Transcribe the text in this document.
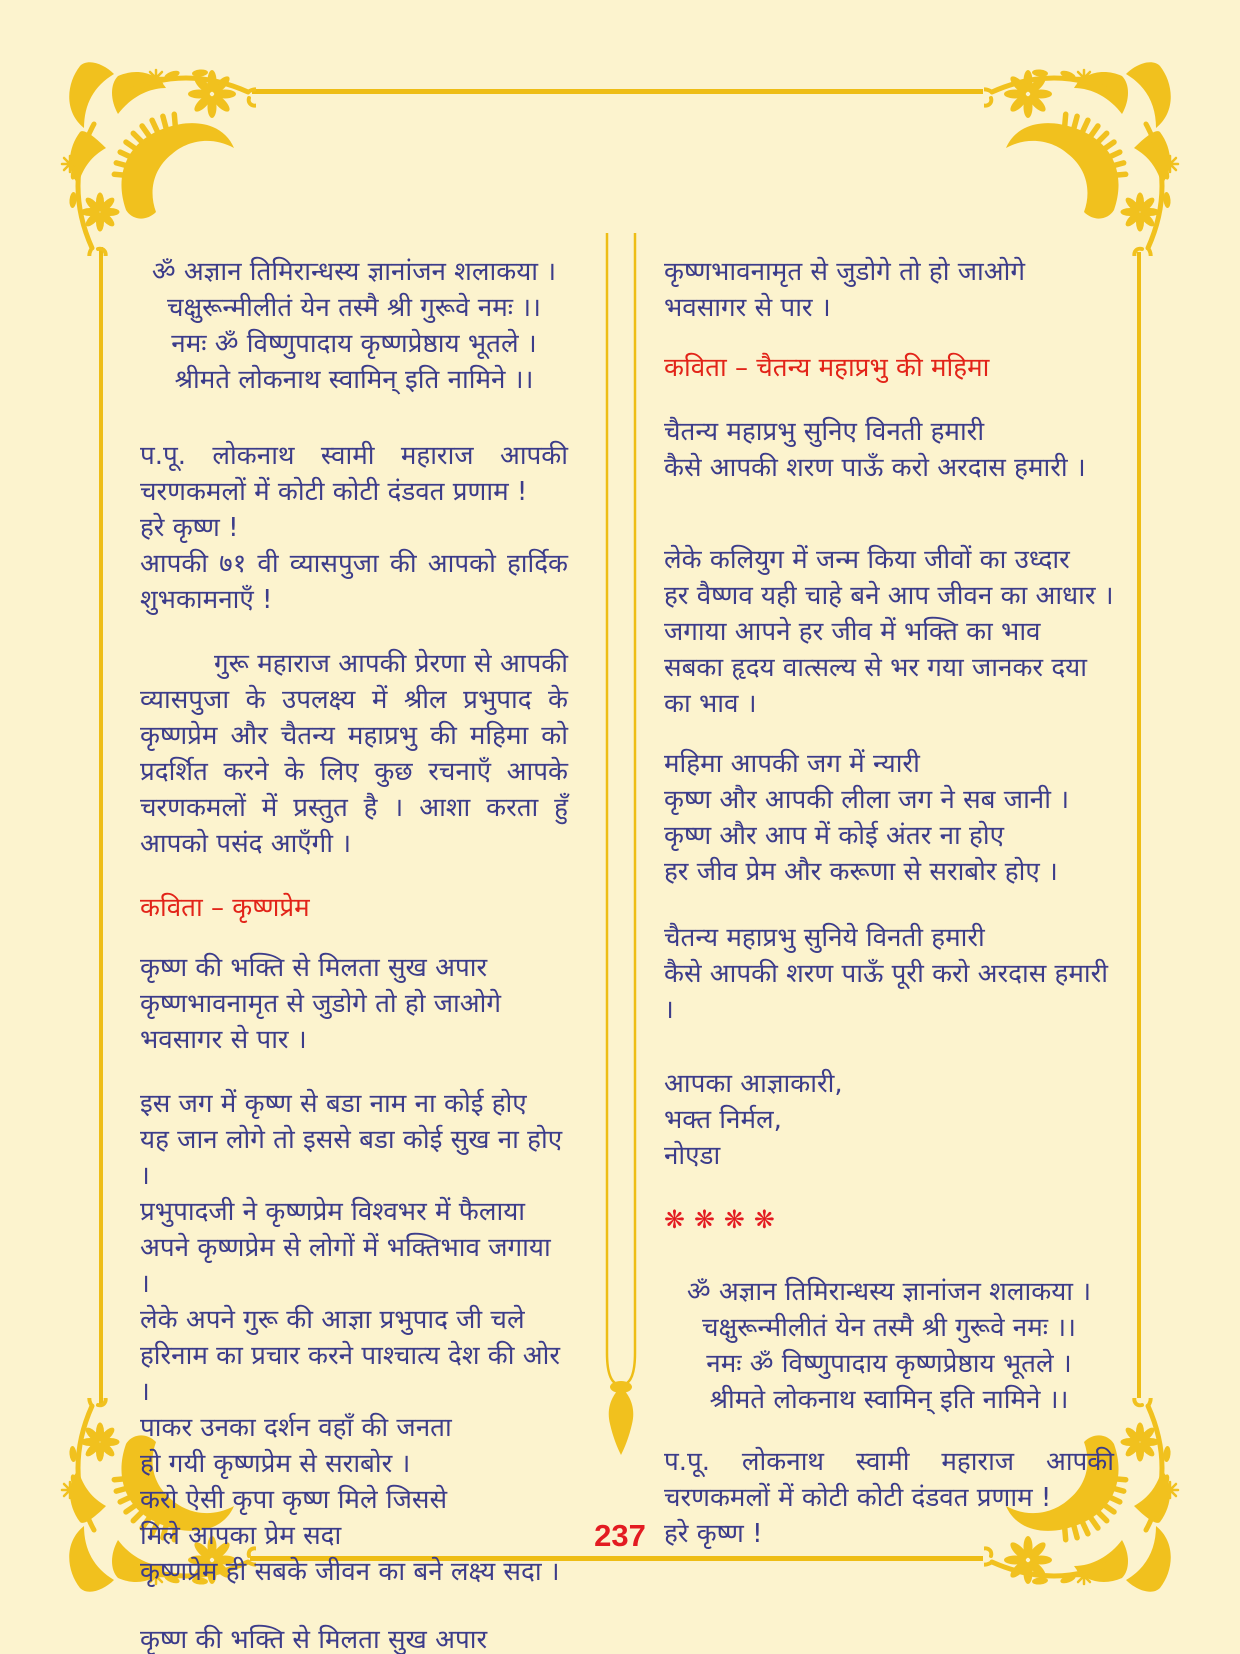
ॐ अज्ञान तिमिरान्धस्य ज्ञानांजन शलाकया ।
चक्षुरून्मीलीतं येन तस्मै श्री गुरूवे नमः ।।
नमः ॐ विष्णुपादाय कृष्णप्रेष्ठाय भूतले ।
श्रीमते लोकनाथ स्वामिन् इति नामिने ।।
प.पू. लोकनाथ स्वामी महाराज आपकी चरणकमलों में कोटी कोटी दंडवत प्रणाम !
हरे कृष्ण !
आपकी ७१ वी व्यासपुजा की आपको हार्दिक शुभकामनाएँ !
गुरू महाराज आपकी प्रेरणा से आपकी व्यासपुजा के उपलक्ष्य में श्रील प्रभुपाद के कृष्णप्रेम और चैतन्य महाप्रभु की महिमा को प्रदर्शित करने के लिए कुछ रचनाएँ आपके चरणकमलों में प्रस्तुत है । आशा करता हुँ आपको पसंद आएँगी ।
कविता – कृष्णप्रेम
कृष्ण की भक्ति से मिलता सुख अपार
कृष्णभावनामृत से जुडोगे तो हो जाओगे
भवसागर से पार ।
इस जग में कृष्ण से बडा नाम ना कोई होए
यह जान लोगे तो इससे बडा कोई सुख ना होए ।
प्रभुपादजी ने कृष्णप्रेम विश्वभर में फैलाया
अपने कृष्णप्रेम से लोगों में भक्तिभाव जगाया ।
लेके अपने गुरू की आज्ञा प्रभुपाद जी चले
हरिनाम का प्रचार करने पाश्चात्य देश की ओर ।
पाकर उनका दर्शन वहाँ की जनता
हो गयी कृष्णप्रेम से सराबोर ।
करो ऐसी कृपा कृष्ण मिले जिससे
मिले आपका प्रेम सदा
कृष्णप्रेम ही सबके जीवन का बने लक्ष्य सदा ।
कृष्ण की भक्ति से मिलता सुख अपार
कृष्णभावनामृत से जुडोगे तो हो जाओगे
भवसागर से पार ।
कविता – चैतन्य महाप्रभु की महिमा
चैतन्य महाप्रभु सुनिए विनती हमारी
कैसे आपकी शरण पाऊँ करो अरदास हमारी ।
लेके कलियुग में जन्म किया जीवों का उध्दार
हर वैष्णव यही चाहे बने आप जीवन का आधार ।
जगाया आपने हर जीव में भक्ति का भाव
सबका हृदय वात्सल्य से भर गया जानकर दया का भाव ।
महिमा आपकी जग में न्यारी
कृष्ण और आपकी लीला जग ने सब जानी ।
कृष्ण और आप में कोई अंतर ना होए
हर जीव प्रेम और करूणा से सराबोर होए ।
चैतन्य महाप्रभु सुनिये विनती हमारी
कैसे आपकी शरण पाऊँ पूरी करो अरदास हमारी ।
आपका आज्ञाकारी,
भक्त निर्मल,
नोएडा
❋❋❋❋
ॐ अज्ञान तिमिरान्धस्य ज्ञानांजन शलाकया ।
चक्षुरून्मीलीतं येन तस्मै श्री गुरूवे नमः ।।
नमः ॐ विष्णुपादाय कृष्णप्रेष्ठाय भूतले ।
श्रीमते लोकनाथ स्वामिन् इति नामिने ।।
प.पू. लोकनाथ स्वामी महाराज आपकी चरणकमलों में कोटी कोटी दंडवत प्रणाम !
हरे कृष्ण !
237
